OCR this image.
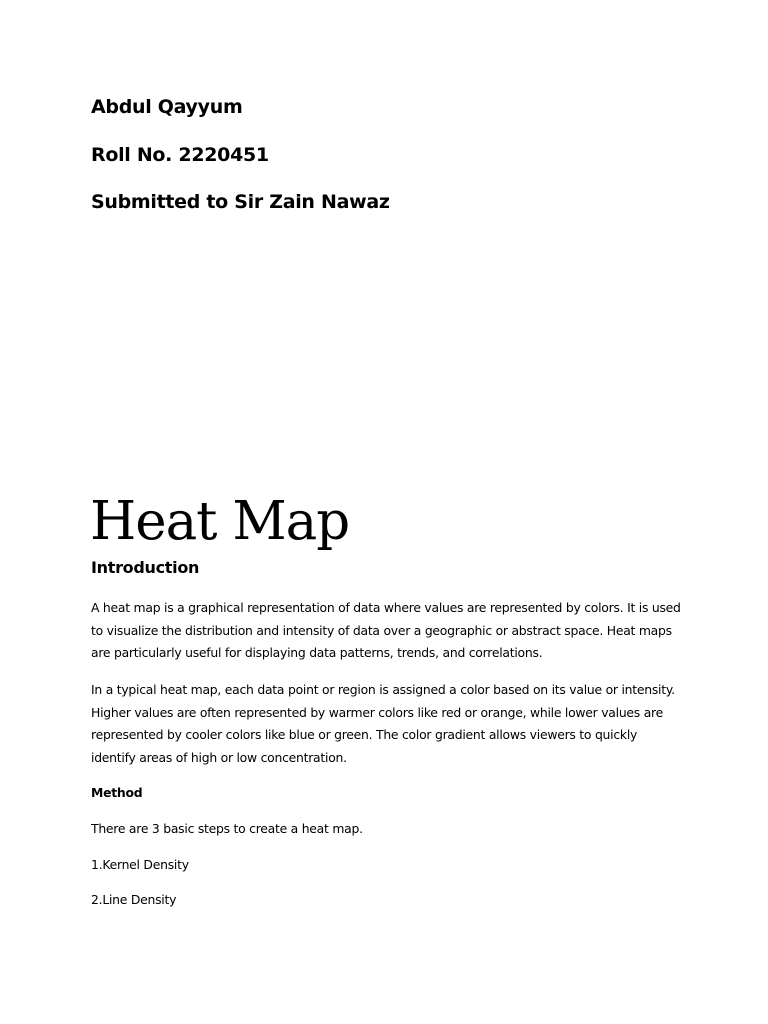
Abdul Qayyum

Roll No. 2220451

Submitted to Sir Zain Nawaz

Heat Map
Introduction

A heat map is a graphical representation of data where values are represented by colors. It is used to visualize the distribution and intensity of data over a geographic or abstract space. Heat maps are particularly useful for displaying data patterns, trends, and correlations.

In a typical heat map, each data point or region is assigned a color based on its value or intensity. Higher values are often represented by warmer colors like red or orange, while lower values are represented by cooler colors like blue or green. The color gradient allows viewers to quickly identify areas of high or low concentration.

Method

There are 3 basic steps to create a heat map.

1.Kernel Density

2.Line Density
